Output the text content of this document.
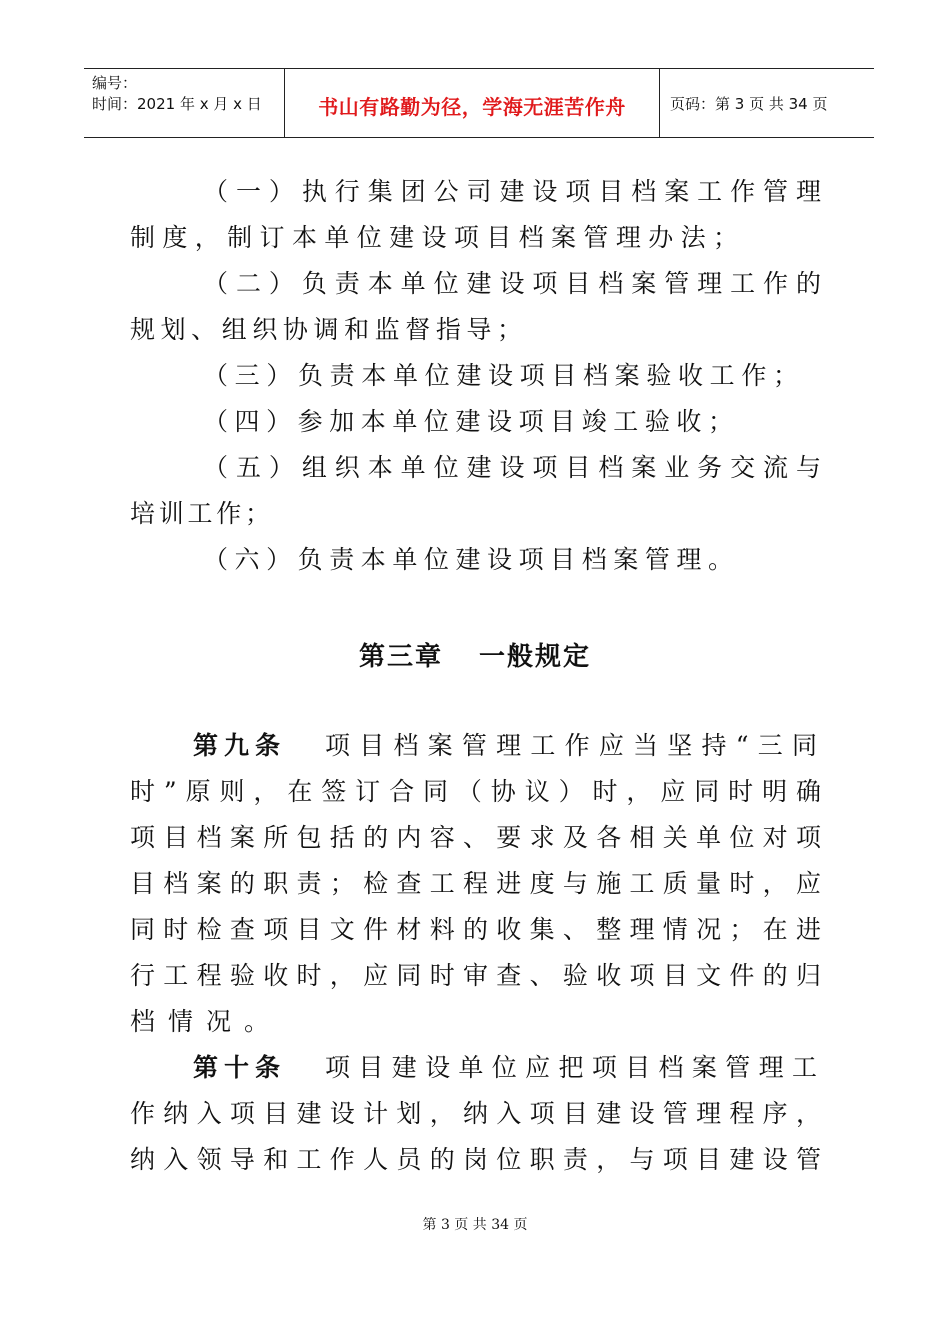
编号：
时间：2021 年 x 月 x 日	书山有路勤为径，学海无涯苦作舟	页码：第 3 页 共 34 页
（一）执行集团公司建设项目档案工作管理
制度，制订本单位建设项目档案管理办法；
（二）负责本单位建设项目档案管理工作的
规划、组织协调和监督指导；
（三）负责本单位建设项目档案验收工作；
（四）参加本单位建设项目竣工验收；
（五）组织本单位建设项目档案业务交流与
培训工作；
（六）负责本单位建设项目档案管理。
第三章 一般规定
第九条 项目档案管理工作应当坚持“三同
时”原则，在签订合同（协议）时，应同时明确
项目档案所包括的内容、要求及各相关单位对项
目档案的职责；检查工程进度与施工质量时，应
同时检查项目文件材料的收集、整理情况；在进
行工程验收时，应同时审查、验收项目文件的归
档情况。
第十条 项目建设单位应把项目档案管理工
作纳入项目建设计划，纳入项目建设管理程序，
纳入领导和工作人员的岗位职责，与项目建设管
第 3 页 共 34 页
